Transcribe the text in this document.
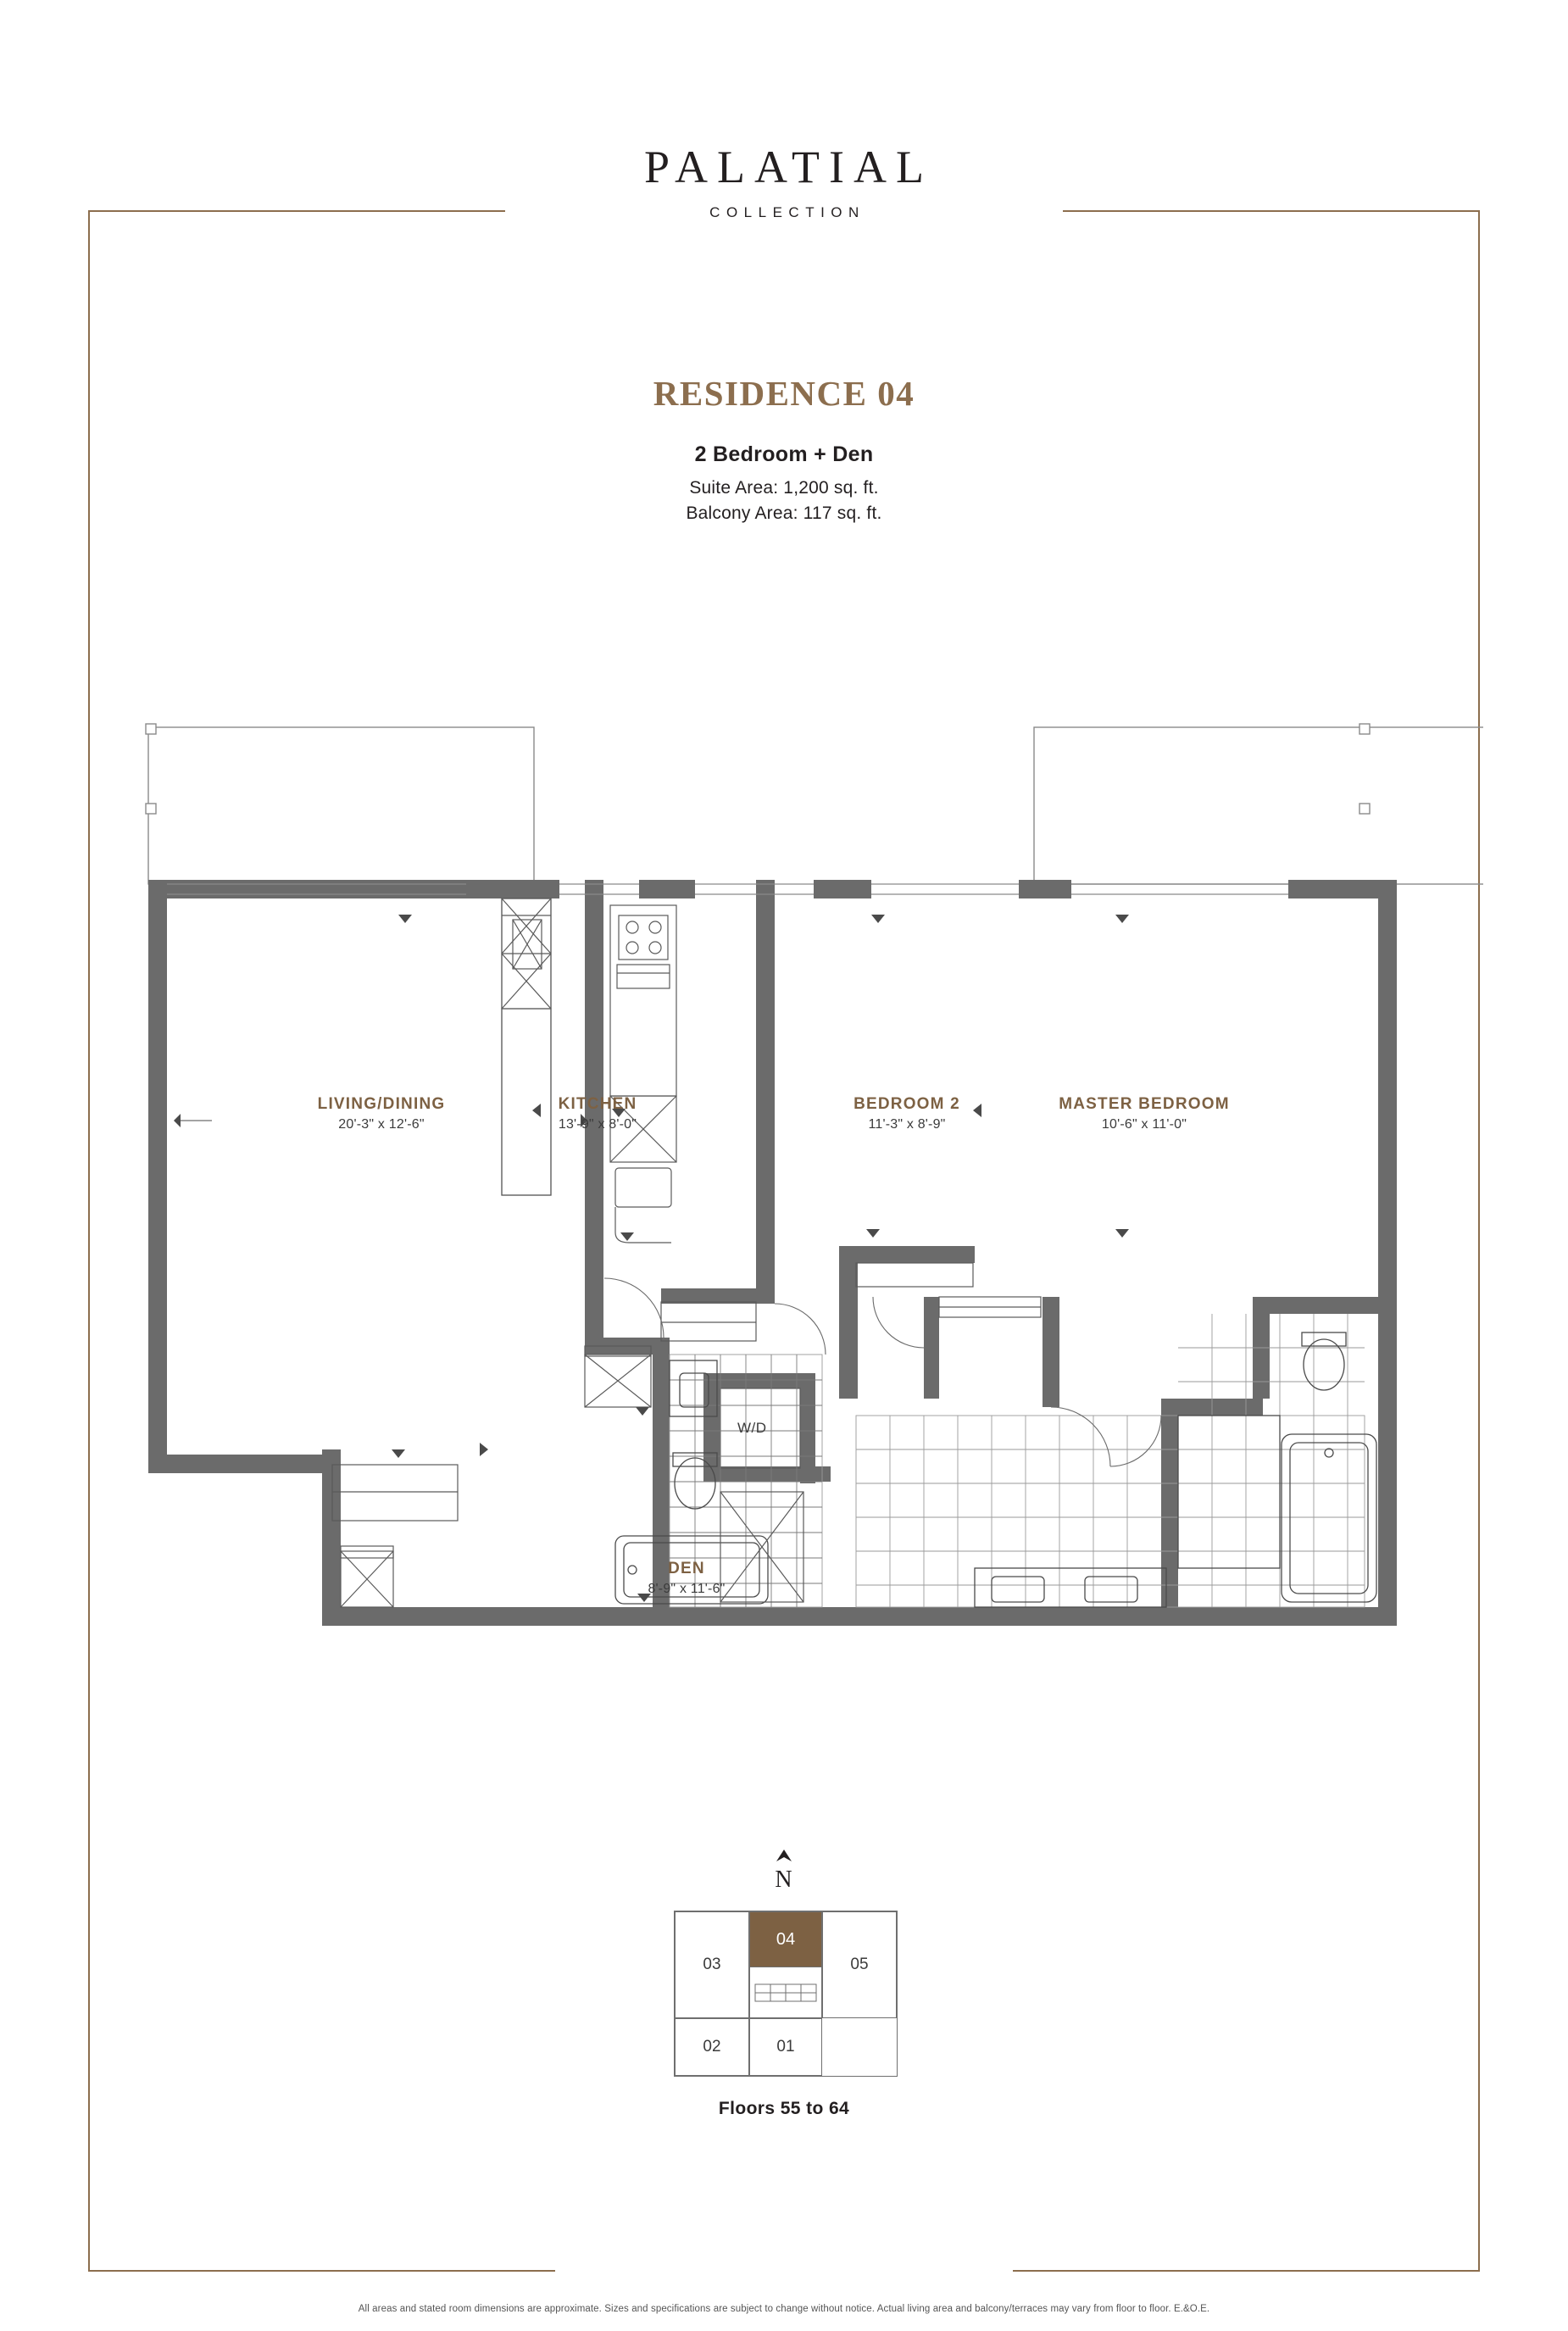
PALATIAL
COLLECTION
RESIDENCE 04
2 Bedroom + Den
Suite Area: 1,200 sq. ft.
Balcony Area: 117 sq. ft.
LIVING/DINING
20'-3" x 12'-6"
KITCHEN
13'-9" x 8'-0"
BEDROOM 2
11'-3" x 8'-9"
MASTER BEDROOM
10'-6" x 11'-0"
DEN
8'-9" x 11'-6"
W/D
N
03
04
05
02	01
Floors 55 to 64
All areas and stated room dimensions are approximate. Sizes and specifications are subject to change without notice. Actual living area and balcony/terraces may vary from floor to floor. E.&O.E.
